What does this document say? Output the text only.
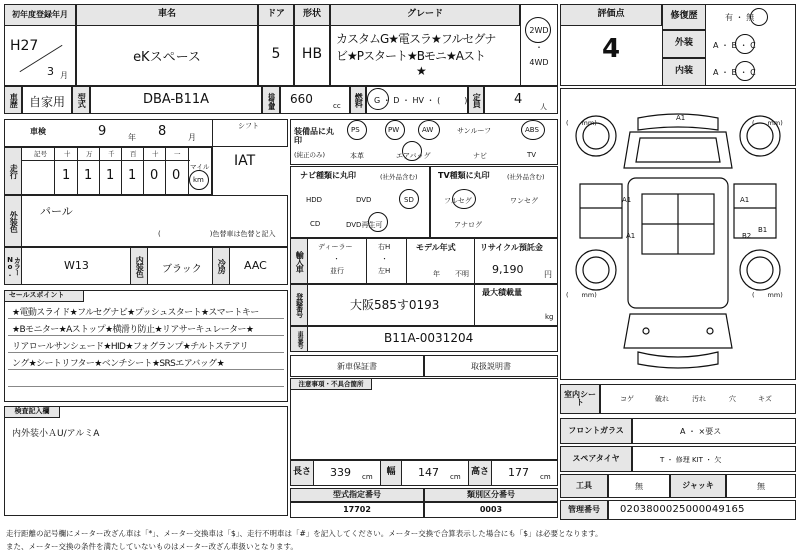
初年度登録年月
H27
3 月
車名
eKスペース
ドア
5
形状
HB
グレード
カスタムG★電スラ★フルセグナ
ビ★Pスタート★Bモニ★Aスト
★
2WD
・
4WD
車歴 自家用	型式	DBA-B11A	排気量	660	cc	燃料	G ・ D ・ HV ・ (　　　) 定員	4	人
車検	9	年 8	月
シフト
IAT
走行
記号	十 万 千 百 十 一
1 1 1 1 0 0
マイル
km
外装色	パール
(　　　　　　　)色替車は色替と記入
カラーNo.	W13	内装色	ブラック	冷房	AAC
セールスポイント
★電動スライド★フルセグナビ★プッシュスタート★スマートキー
★Bモニター★Aストップ★横滑り防止★リアサーキュレーター★
リアロールサンシェード★HID★フォグランプ★チルトステアリ
ング★シートリフター★ベンチシート★SRSエアバッグ★
検査記入欄
内外装小ＡU/アルミA
装備品に丸印
(純正のみ)
PS	PW	AW	サンルーフ	ABS
本革	エアバッグ	ナビ	TV
ナビ種類に丸印	(社外品含む)
HDD	DVD	SD
CD	DVD再生可
TV種類に丸印	(社外品含む)
フルセグ	ワンセグ
アナログ
輸入車
ディーラー
・
並行
右H
・
左H
モデル年式
年 不明
リサイクル預託金
9,190	円
登録番号	大阪585す0193
最大積載量
kg
車台番号	B11A-0031204
新車保証書	取扱説明書
注意事項・不具合箇所
長さ 339 cm	幅	147 cm	高さ 177 cm
型式指定番号
17702
類別区分番号
0003
評価点
4
修復歴	有 ・ 無
外装	A ・ B ・ C
内装	A ・ B ・ C
A1
A1	A1
A1
B1
B2
(　　mm)	(　　mm)
(　　mm)	(　　mm)
室内シート	コゲ	破れ	汚れ	穴	キズ
フロントガラス	A ・ ×要ス
スペアタイヤ	T ・ 修理 KIT ・ 欠
工具	無	ジャッキ	無
管理番号	0203800025000049165
走行距離の記号欄にメーター改ざん車は「*」、メーター交換車は「$」、走行不明車は「#」を記入してください。メーター交換で合算表示した場合にも「$」は必要となります。
また、メーター交換の条件を満たしていないものはメーター改ざん車扱いとなります。
